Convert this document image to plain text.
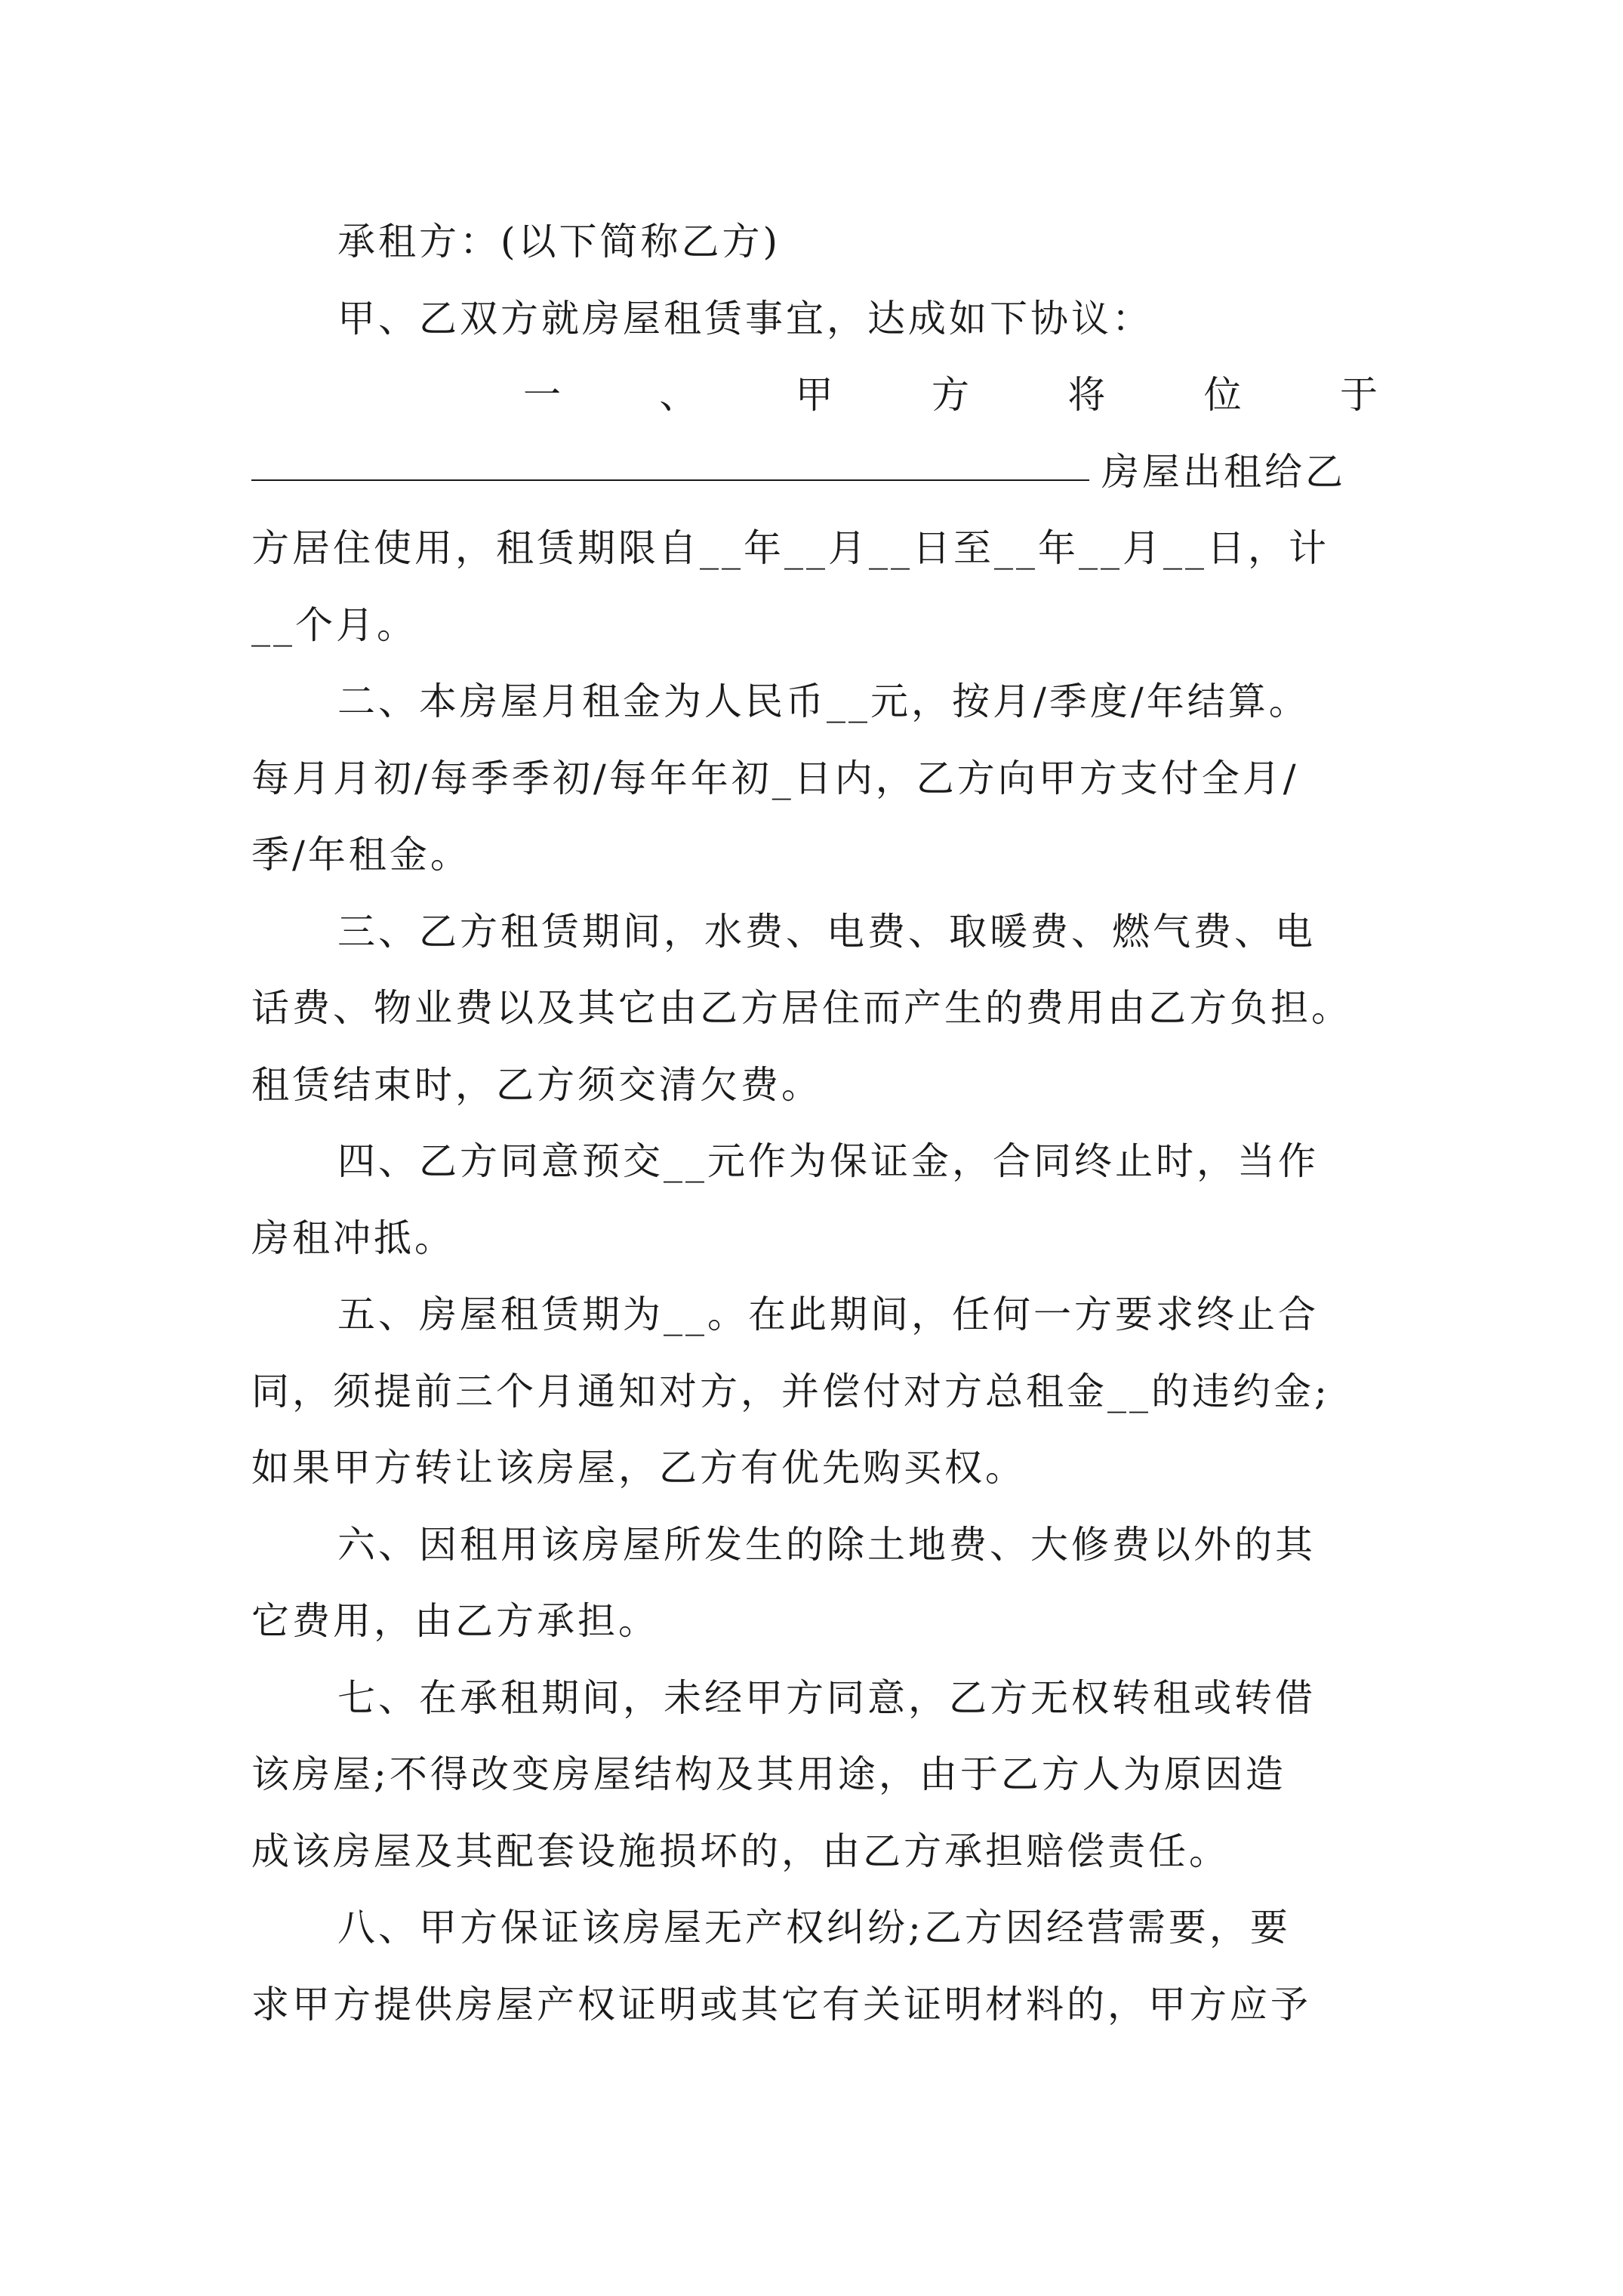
承租方：(以下简称乙方)
甲、乙双方就房屋租赁事宜，达成如下协议：
一	、	甲	方	将	位	于
房屋出租给乙
方居住使用，租赁期限自__年__月__日至__年__月__日，计
__个月。
二、本房屋月租金为人民币__元，按月/季度/年结算。
每月月初/每季季初/每年年初_日内，乙方向甲方支付全月/
季/年租金。
三、乙方租赁期间，水费、电费、取暖费、燃气费、电
话费、物业费以及其它由乙方居住而产生的费用由乙方负担。
租赁结束时，乙方须交清欠费。
四、乙方同意预交__元作为保证金，合同终止时，当作
房租冲抵。
五、房屋租赁期为__。在此期间，任何一方要求终止合
同，须提前三个月通知对方，并偿付对方总租金__的违约金;
如果甲方转让该房屋，乙方有优先购买权。
六、因租用该房屋所发生的除土地费、大修费以外的其
它费用，由乙方承担。
七、在承租期间，未经甲方同意，乙方无权转租或转借
该房屋;不得改变房屋结构及其用途，由于乙方人为原因造
成该房屋及其配套设施损坏的，由乙方承担赔偿责任。
八、甲方保证该房屋无产权纠纷;乙方因经营需要，要
求甲方提供房屋产权证明或其它有关证明材料的，甲方应予
